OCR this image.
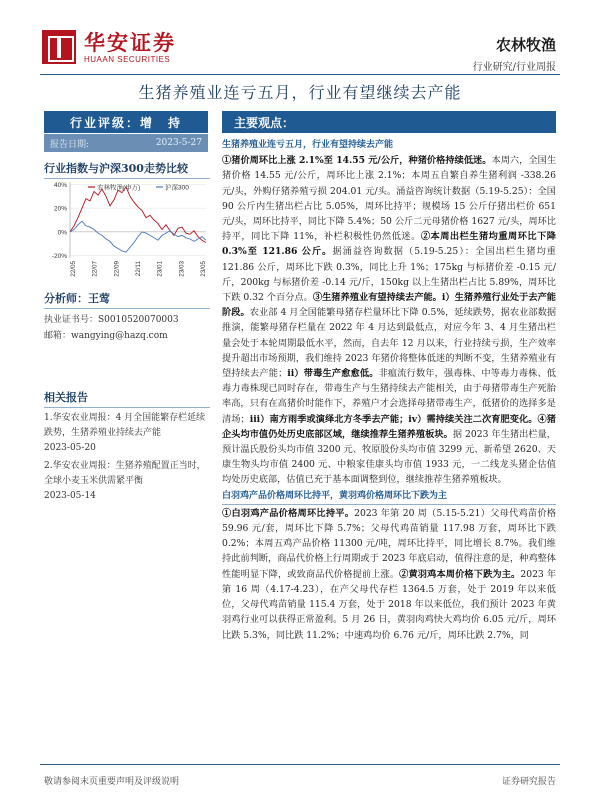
华安证券
HUAAN SECURITIES
农林牧渔
行业研究/行业周报
生猪养殖业连亏五月，行业有望继续去产能
行业评级：增　持
报告日期:	2023-5-27
行业指数与沪深300走势比较
40%
20%
0%
-20%
22/05 22/07 22/09 22/11 23/01 23/03 23/05
农林牧渔(申万)	沪深300
分析师：王莺
执业证书号：S0010520070003
邮箱：wangying@hazq.com
相关报告
1.华安农业周报：4 月全国能繁存栏延续跌势，生猪养殖业持续去产能
2023-05-20
2.华安农业周报：生猪养殖配置正当时，全球小麦玉米供需紧平衡
2023-05-14
主要观点：
生猪养殖业连亏五月，行业有望持续去产能

①猪价周环比上涨 2.1%至 14.55 元/公斤，种猪价格持续低迷。本周六，全国生猪价格 14.55 元/公斤，周环比上涨 2.1%；本周五自繁自养生猪利润 -338.26 元/头，外购仔猪养殖亏损 204.01 元/头。涌益咨询统计数据（5.19-5.25）：全国 90 公斤内生猪出栏占比 5.05%，周环比持平；规模场 15 公斤仔猪出栏价 651 元/头，周环比持平，同比下降 5.4%；50 公斤二元母猪价格 1627 元/头，周环比持平，同比下降 11%，补栏积极性仍然低迷。②本周出栏生猪均重周环比下降 0.3%至 121.86 公斤。据涌益咨询数据（5.19-5.25）：全国出栏生猪均重 121.86 公斤，周环比下跌 0.3%，同比上升 1%；175kg 与标猪价差 -0.15 元/斤，200kg 与标猪价差 -0.14 元/斤，150kg 以上生猪出栏占比 5.89%，周环比下跌 0.32 个百分点。③生猪养殖业有望持续去产能。i）生猪养殖行业处于去产能阶段。农业部 4 月全国能繁母猪存栏量环比下降 0.5%，延续跌势，据农业部数据推演，能繁母猪存栏量在 2022 年 4 月达到最低点，对应今年 3、4 月生猪出栏量会处于本轮周期最低水平，然而，自去年 12 月以来，行业持续亏损，生产效率提升超出市场预期，我们维持 2023 年猪价将整体低迷的判断不变，生猪养殖业有望持续去产能；ii）带毒生产愈愈低。非瘟流行数年，强毒株、中等毒力毒株、低毒力毒株现已同时存在，带毒生产与生猪持续去产能相关，由于母猪带毒生产死胎率高，只有在高猪价时能作下，养殖户才会选择母猪带毒生产，低猪价的选择多是清场；iii）南方雨季或演绎北方冬季去产能；iv）需持续关注二次育肥变化。④猪企头均市值仍处历史底部区域，继续推荐生猪养殖板块。据 2023 年生猪出栏量，预计温氏股份头均市值 3200 元、牧原股份头均市值 3299 元、新希望 2620、天康生物头均市值 2400 元、中粮家佳康头均市值 1933 元，一二线龙头猪企估值均处历史底部，估值已充于基本面调整到位，继续推荐生猪养殖板块。

白羽鸡产品价格周环比持平，黄羽鸡价格周环比下跌为主

①白羽鸡产品价格周环比持平。2023 年第 20 周（5.15-5.21）父母代鸡苗价格 59.96 元/套，周环比下降 5.7%；父母代鸡苗销量 117.98 万套，周环比下跌 0.2%；本周五鸡产品价格 11300 元/吨，周环比持平，同比增长 8.7%。我们维持此前判断，商品代价格上行周期或于 2023 年底启动，值得注意的是，种鸡整体性能明显下降，或致商品代价格提前上涨。②黄羽鸡本周价格下跌为主。2023 年第 16 周（4.17-4.23），在产父母代存栏 1364.5 万套，处于 2019 年以来低位，父母代鸡苗销量 115.4 万套，处于 2018 年以来低位，我们预计 2023 年黄羽鸡行业可以获得正常盈利。5 月 26 日，黄羽肉鸡快大鸡均价 6.05 元/斤，周环比跌 5.3%，同比跌 11.2%；中速鸡均价 6.76 元/斤，周环比跌 2.7%，同

敬请参阅末页重要声明及评级说明	证券研究报告
